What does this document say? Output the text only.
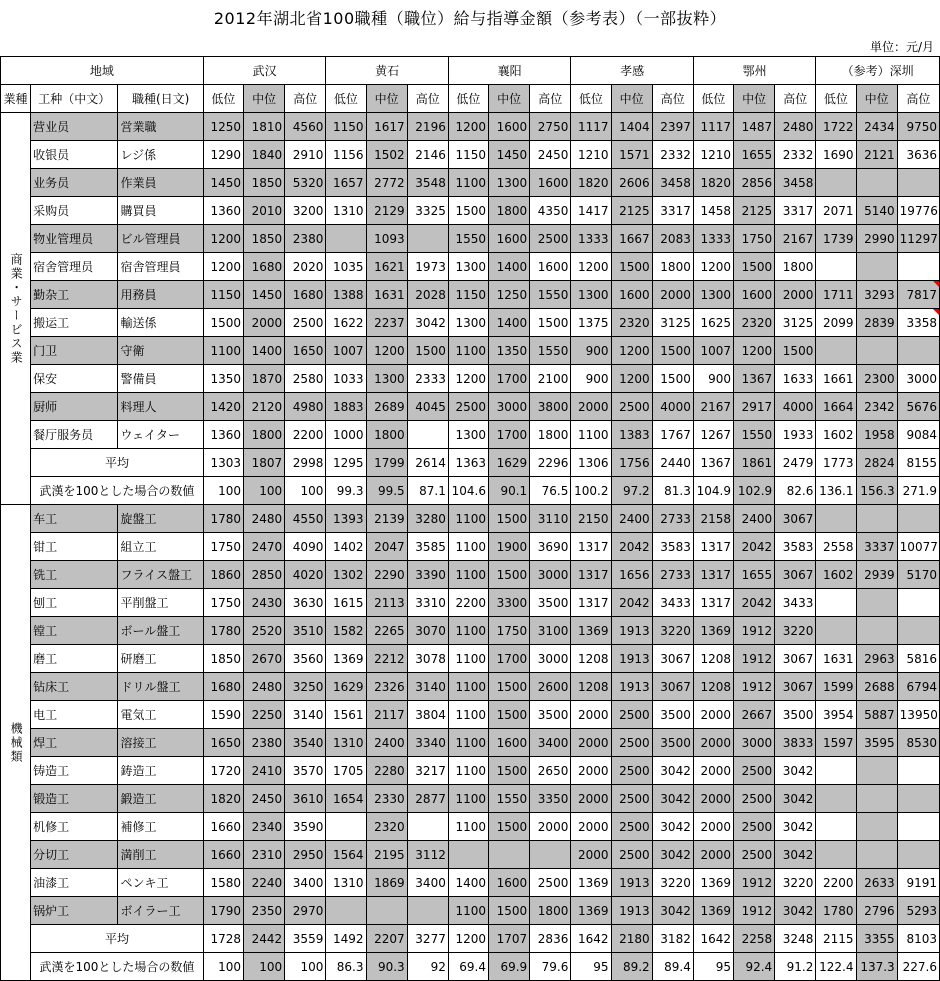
2012年湖北省100職種（職位）給与指導金額（参考表）（一部抜粋）
単位：元/月
地域			武汉			黄石			襄阳			孝感			鄂州			（参考）深圳		
業種	工种（中文）	職種(日文)	低位	中位	高位	低位	中位	高位	低位	中位	高位	低位	中位	高位	低位	中位	高位	低位	中位	高位

商業・サービス業	营业员	営業職	1250	1810	4560	1150	1617	2196	1200	1600	2750	1117	1404	2397	1117	1487	2480	1722	2434	9750
	收银员	レジ係	1290	1840	2910	1156	1502	2146	1150	1450	2450	1210	1571	2332	1210	1655	2332	1690	2121	3636
	业务员	作業員	1450	1850	5320	1657	2772	3548	1100	1300	1600	1820	2606	3458	1820	2856	3458			
	采购员	購買員	1360	2010	3200	1310	2129	3325	1500	1800	4350	1417	2125	3317	1458	2125	3317	2071	5140	19776
	物业管理员	ビル管理員	1200	1850	2380		1093		1550	1600	2500	1333	1667	2083	1333	1750	2167	1739	2990	11297
	宿舍管理员	宿舎管理員	1200	1680	2020	1035	1621	1973	1300	1400	1600	1200	1500	1800	1200	1500	1800			
	勤杂工	用務員	1150	1450	1680	1388	1631	2028	1150	1250	1550	1300	1600	2000	1300	1600	2000	1711	3293	7817
	搬运工	輸送係	1500	2000	2500	1622	2237	3042	1300	1400	1500	1375	2320	3125	1625	2320	3125	2099	2839	3358
	门卫	守衛	1100	1400	1650	1007	1200	1500	1100	1350	1550	900	1200	1500	1007	1200	1500			
	保安	警備員	1350	1870	2580	1033	1300	2333	1200	1700	2100	900	1200	1500	900	1367	1633	1661	2300	3000
	厨师	料理人	1420	2120	4980	1883	2689	4045	2500	3000	3800	2000	2500	4000	2167	2917	4000	1664	2342	5676
	餐厅服务员	ウェイター	1360	1800	2200	1000	1800		1300	1700	1800	1100	1383	1767	1267	1550	1933	1602	1958	9084
	平均		1303	1807	2998	1295	1799	2614	1363	1629	2296	1306	1756	2440	1367	1861	2479	1773	2824	8155
	武漢を100とした場合の数値		100	100	100	99.3	99.5	87.1	104.6	90.1	76.5	100.2	97.2	81.3	104.9	102.9	82.6	136.1	156.3	271.9

機械類	车工	旋盤工	1780	2480	4550	1393	2139	3280	1100	1500	3110	2150	2400	2733	2158	2400	3067			
	钳工	組立工	1750	2470	4090	1402	2047	3585	1100	1900	3690	1317	2042	3583	1317	2042	3583	2558	3337	10077
	铣工	フライス盤工	1860	2850	4020	1302	2290	3390	1100	1500	3000	1317	1656	2733	1317	1655	3067	1602	2939	5170
	刨工	平削盤工	1750	2430	3630	1615	2113	3310	2200	3300	3500	1317	2042	3433	1317	2042	3433			
	镗工	ボール盤工	1780	2520	3510	1582	2265	3070	1100	1750	3100	1369	1913	3220	1369	1912	3220			
	磨工	研磨工	1850	2670	3560	1369	2212	3078	1100	1700	3000	1208	1913	3067	1208	1912	3067	1631	2963	5816
	钻床工	ドリル盤工	1680	2480	3250	1629	2326	3140	1100	1500	2600	1208	1913	3067	1208	1912	3067	1599	2688	6794
	电工	電気工	1590	2250	3140	1561	2117	3804	1100	1500	3500	2000	2500	3500	2000	2667	3500	3954	5887	13950
	焊工	溶接工	1650	2380	3540	1310	2400	3340	1100	1600	3400	2000	2500	3500	2000	3000	3833	1597	3595	8530
	铸造工	鋳造工	1720	2410	3570	1705	2280	3217	1100	1500	2650	2000	2500	3042	2000	2500	3042			
	锻造工	鍛造工	1820	2450	3610	1654	2330	2877	1100	1550	3350	2000	2500	3042	2000	2500	3042			
	机修工	補修工	1660	2340	3590		2320		1100	1500	2000	2000	2500	3042	2000	2500	3042			
	分切工	満削工	1660	2310	2950	1564	2195	3112				2000	2500	3042	2000	2500	3042			
	油漆工	ペンキ工	1580	2240	3400	1310	1869	3400	1400	1600	2500	1369	1913	3220	1369	1912	3220	2200	2633	9191
	锅炉工	ボイラー工	1790	2350	2970				1100	1500	1800	1369	1913	3042	1369	1912	3042	1780	2796	5293
	平均		1728	2442	3559	1492	2207	3277	1200	1707	2836	1642	2180	3182	1642	2258	3248	2115	3355	8103
	武漢を100とした場合の数値		100	100	100	86.3	90.3	92	69.4	69.9	79.6	95	89.2	89.4	95	92.4	91.2	122.4	137.3	227.6
